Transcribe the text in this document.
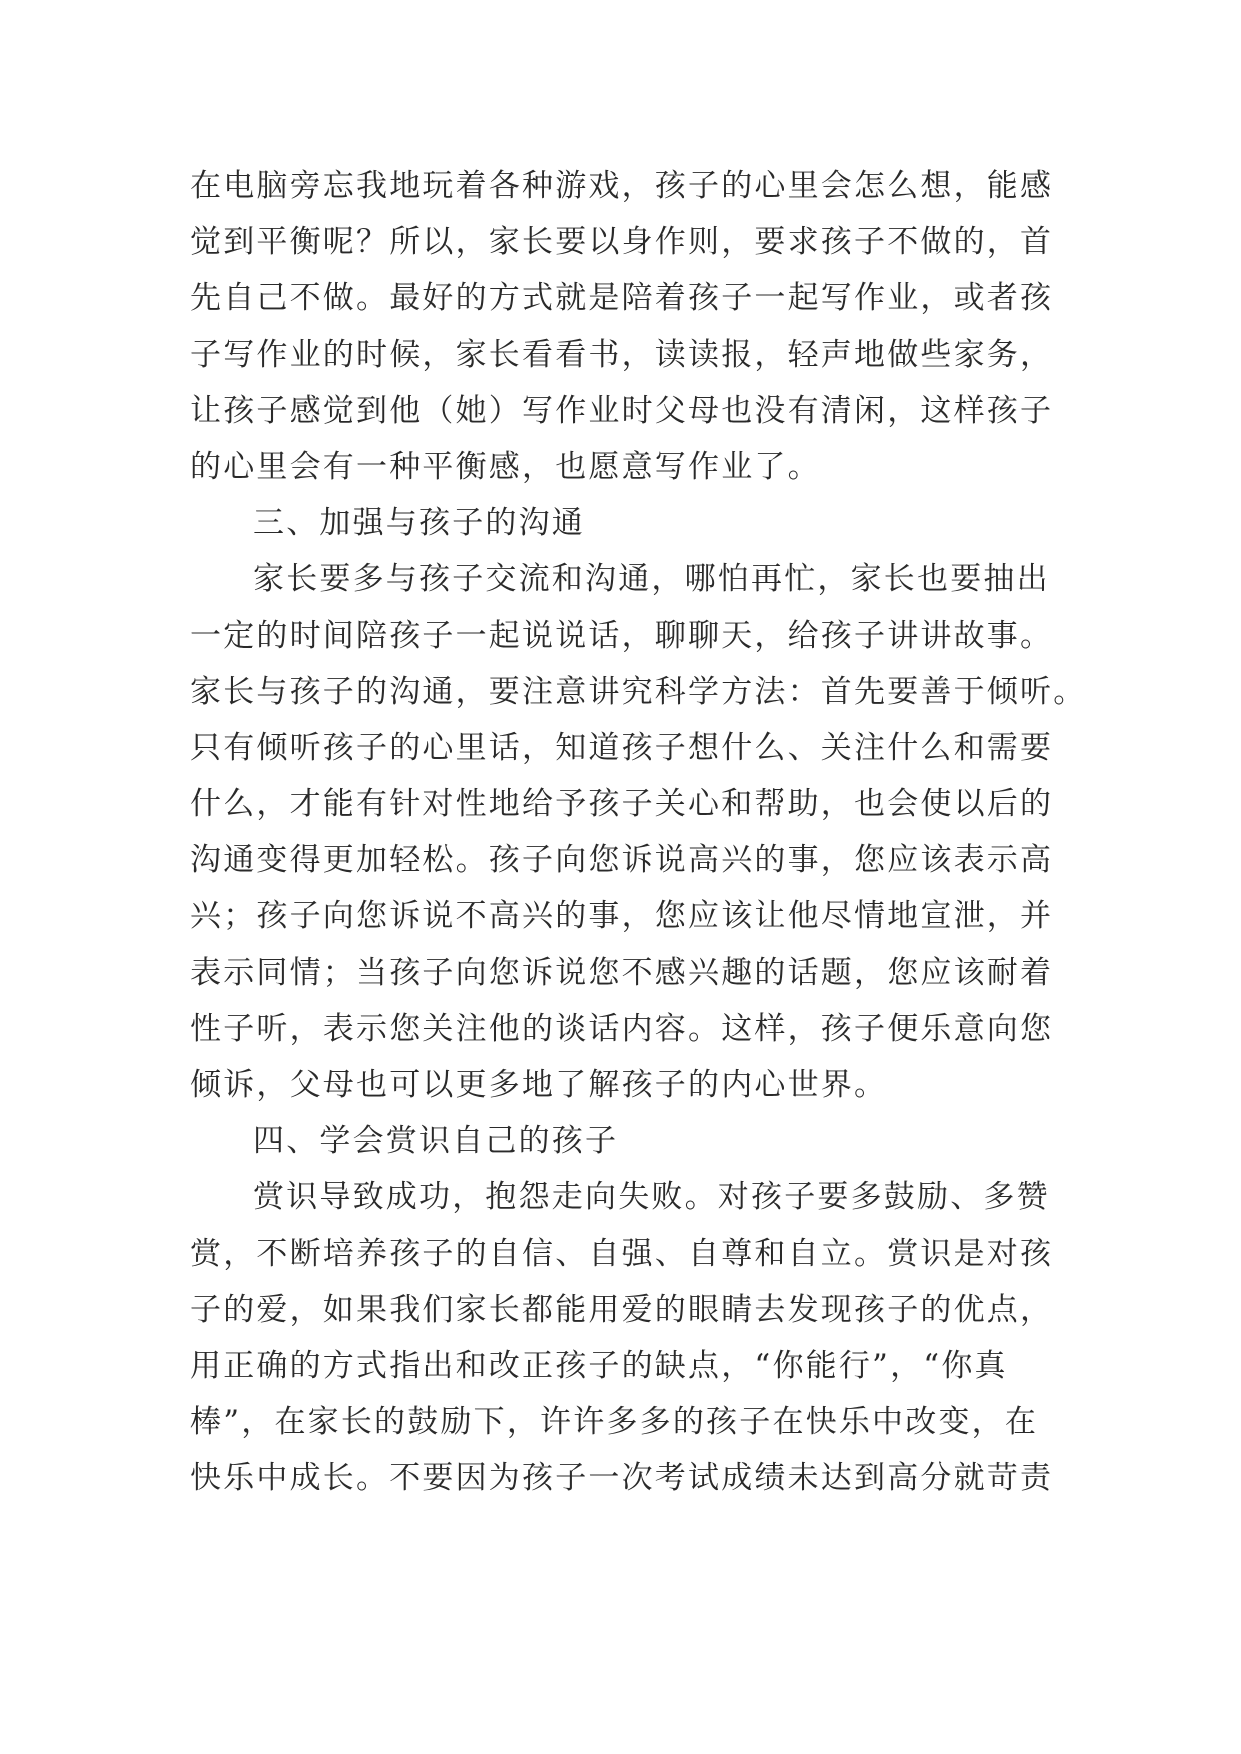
在电脑旁忘我地玩着各种游戏，孩子的心里会怎么想，能感
觉到平衡呢？所以，家长要以身作则，要求孩子不做的，首
先自己不做。最好的方式就是陪着孩子一起写作业，或者孩
子写作业的时候，家长看看书，读读报，轻声地做些家务，
让孩子感觉到他（她）写作业时父母也没有清闲，这样孩子
的心里会有一种平衡感，也愿意写作业了。
三、加强与孩子的沟通
家长要多与孩子交流和沟通，哪怕再忙，家长也要抽出
一定的时间陪孩子一起说说话，聊聊天，给孩子讲讲故事。
家长与孩子的沟通，要注意讲究科学方法：首先要善于倾听。
只有倾听孩子的心里话，知道孩子想什么、关注什么和需要
什么，才能有针对性地给予孩子关心和帮助，也会使以后的
沟通变得更加轻松。孩子向您诉说高兴的事，您应该表示高
兴；孩子向您诉说不高兴的事，您应该让他尽情地宣泄，并
表示同情；当孩子向您诉说您不感兴趣的话题，您应该耐着
性子听，表示您关注他的谈话内容。这样，孩子便乐意向您
倾诉，父母也可以更多地了解孩子的内心世界。
四、学会赏识自己的孩子
赏识导致成功，抱怨走向失败。对孩子要多鼓励、多赞
赏，不断培养孩子的自信、自强、自尊和自立。赏识是对孩
子的爱，如果我们家长都能用爱的眼睛去发现孩子的优点，
用正确的方式指出和改正孩子的缺点，“你能行”，“你真
棒”，在家长的鼓励下，许许多多的孩子在快乐中改变，在
快乐中成长。不要因为孩子一次考试成绩未达到高分就苛责
